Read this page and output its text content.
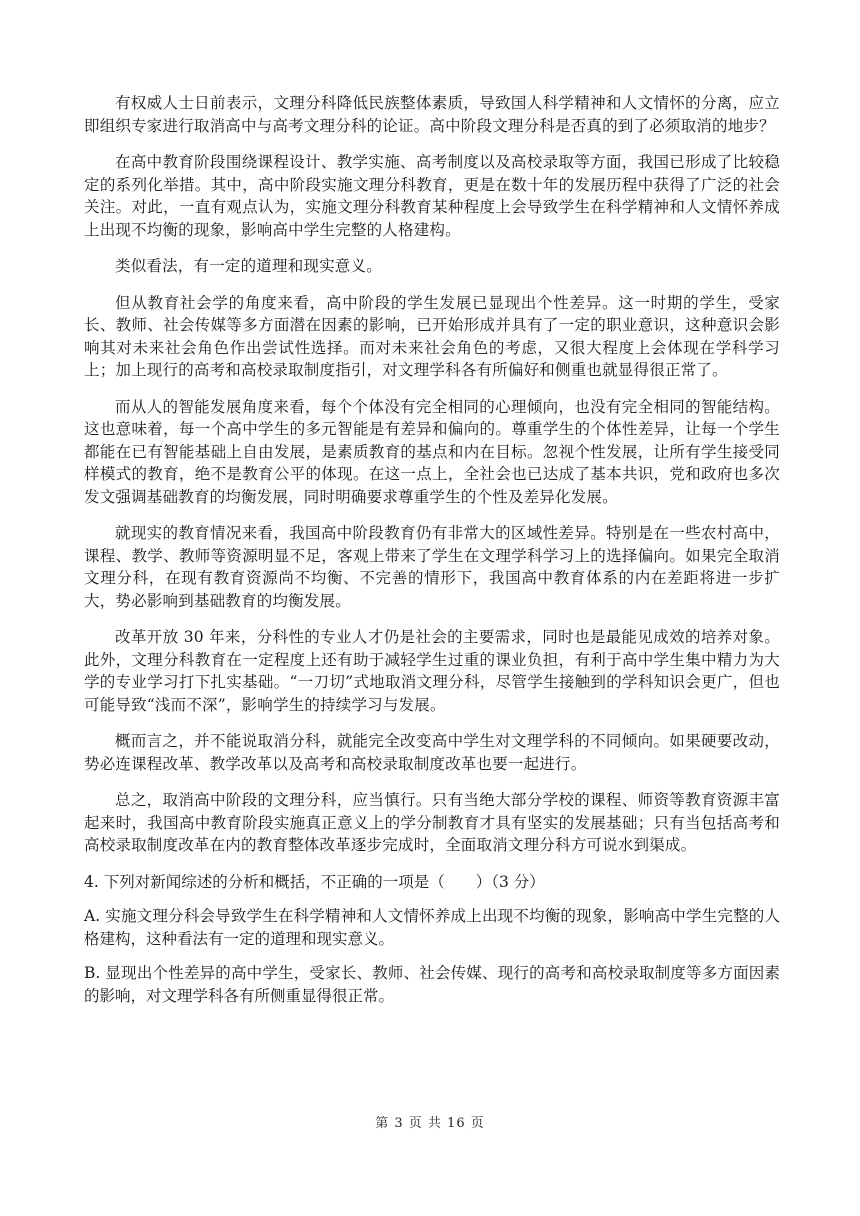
有权威人士日前表示，文理分科降低民族整体素质，导致国人科学精神和人文情怀的分离，应立即组织专家进行取消高中与高考文理分科的论证。高中阶段文理分科是否真的到了必须取消的地步？

在高中教育阶段围绕课程设计、教学实施、高考制度以及高校录取等方面，我国已形成了比较稳定的系列化举措。其中，高中阶段实施文理分科教育，更是在数十年的发展历程中获得了广泛的社会关注。对此，一直有观点认为，实施文理分科教育某种程度上会导致学生在科学精神和人文情怀养成上出现不均衡的现象，影响高中学生完整的人格建构。

类似看法，有一定的道理和现实意义。

但从教育社会学的角度来看，高中阶段的学生发展已显现出个性差异。这一时期的学生，受家长、教师、社会传媒等多方面潜在因素的影响，已开始形成并具有了一定的职业意识，这种意识会影响其对未来社会角色作出尝试性选择。而对未来社会角色的考虑，又很大程度上会体现在学科学习上；加上现行的高考和高校录取制度指引，对文理学科各有所偏好和侧重也就显得很正常了。

而从人的智能发展角度来看，每个个体没有完全相同的心理倾向，也没有完全相同的智能结构。这也意味着，每一个高中学生的多元智能是有差异和偏向的。尊重学生的个体性差异，让每一个学生都能在已有智能基础上自由发展，是素质教育的基点和内在目标。忽视个性发展，让所有学生接受同样模式的教育，绝不是教育公平的体现。在这一点上，全社会也已达成了基本共识，党和政府也多次发文强调基础教育的均衡发展，同时明确要求尊重学生的个性及差异化发展。

就现实的教育情况来看，我国高中阶段教育仍有非常大的区域性差异。特别是在一些农村高中，课程、教学、教师等资源明显不足，客观上带来了学生在文理学科学习上的选择偏向。如果完全取消文理分科，在现有教育资源尚不均衡、不完善的情形下，我国高中教育体系的内在差距将进一步扩大，势必影响到基础教育的均衡发展。

改革开放 30 年来，分科性的专业人才仍是社会的主要需求，同时也是最能见成效的培养对象。此外，文理分科教育在一定程度上还有助于减轻学生过重的课业负担，有利于高中学生集中精力为大学的专业学习打下扎实基础。“一刀切”式地取消文理分科，尽管学生接触到的学科知识会更广，但也可能导致“浅而不深”，影响学生的持续学习与发展。

概而言之，并不能说取消分科，就能完全改变高中学生对文理学科的不同倾向。如果硬要改动，势必连课程改革、教学改革以及高考和高校录取制度改革也要一起进行。

总之，取消高中阶段的文理分科，应当慎行。只有当绝大部分学校的课程、师资等教育资源丰富起来时，我国高中教育阶段实施真正意义上的学分制教育才具有坚实的发展基础；只有当包括高考和高校录取制度改革在内的教育整体改革逐步完成时，全面取消文理分科方可说水到渠成。

4. 下列对新闻综述的分析和概括，不正确的一项是（　　）（3 分）

A. 实施文理分科会导致学生在科学精神和人文情怀养成上出现不均衡的现象，影响高中学生完整的人格建构，这种看法有一定的道理和现实意义。

B. 显现出个性差异的高中学生，受家长、教师、社会传媒、现行的高考和高校录取制度等多方面因素的影响，对文理学科各有所侧重显得很正常。

第 3 页 共 16 页
